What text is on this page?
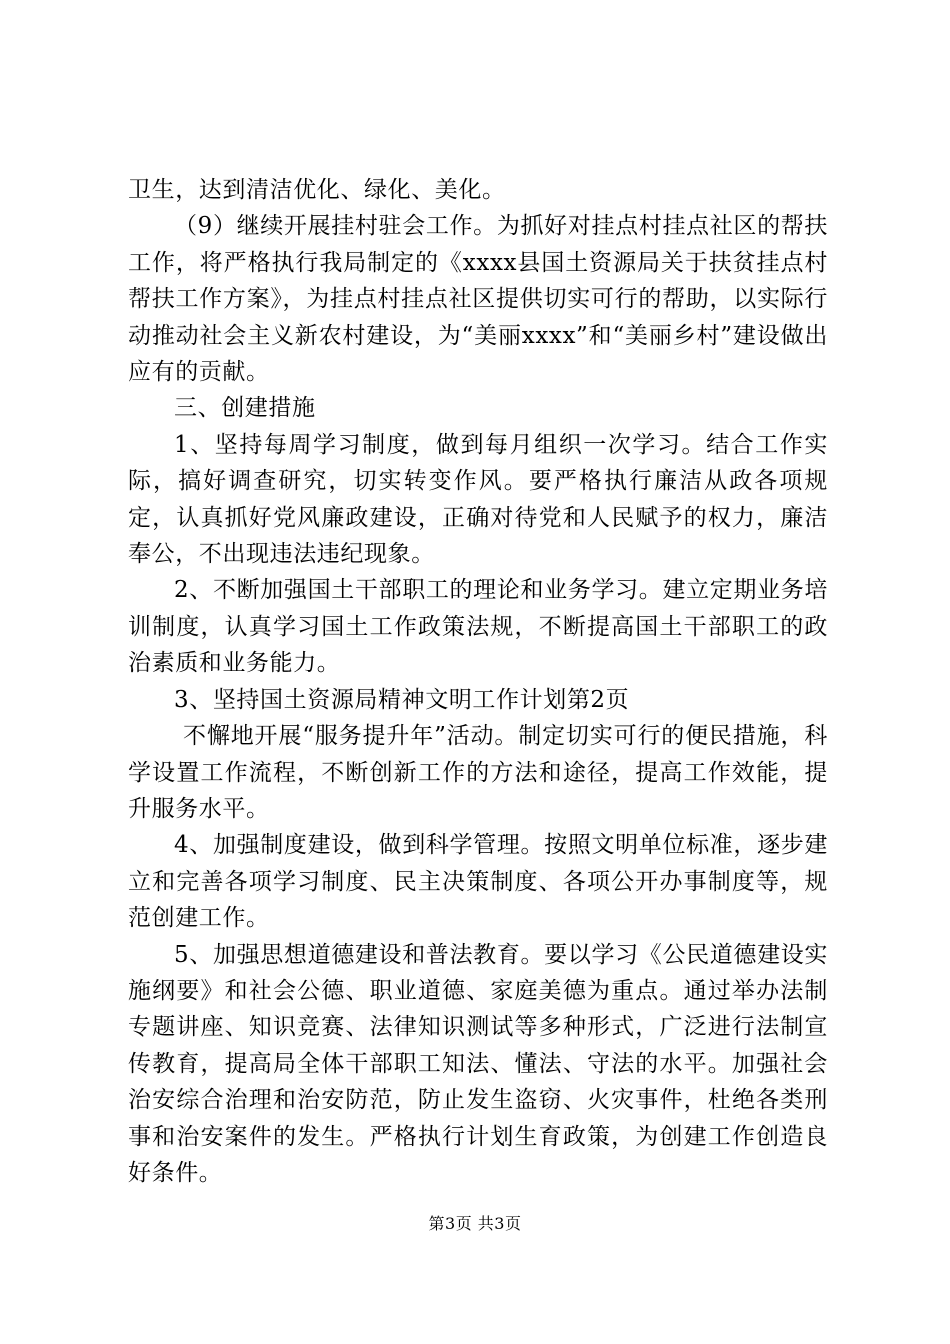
卫生，达到清洁优化、绿化、美化。

（9）继续开展挂村驻会工作。为抓好对挂点村挂点社区的帮扶工作，将严格执行我局制定的《xxxx县国土资源局关于扶贫挂点村帮扶工作方案》，为挂点村挂点社区提供切实可行的帮助，以实际行动推动社会主义新农村建设，为“美丽xxxx”和“美丽乡村”建设做出应有的贡献。

三、创建措施

1、坚持每周学习制度，做到每月组织一次学习。结合工作实际，搞好调查研究，切实转变作风。要严格执行廉洁从政各项规定，认真抓好党风廉政建设，正确对待党和人民赋予的权力，廉洁奉公，不出现违法违纪现象。

2、不断加强国土干部职工的理论和业务学习。建立定期业务培训制度，认真学习国土工作政策法规，不断提高国土干部职工的政治素质和业务能力。

3、坚持国土资源局精神文明工作计划第2页

不懈地开展“服务提升年”活动。制定切实可行的便民措施，科学设置工作流程，不断创新工作的方法和途径，提高工作效能，提升服务水平。

4、加强制度建设，做到科学管理。按照文明单位标准，逐步建立和完善各项学习制度、民主决策制度、各项公开办事制度等，规范创建工作。

5、加强思想道德建设和普法教育。要以学习《公民道德建设实施纲要》和社会公德、职业道德、家庭美德为重点。通过举办法制专题讲座、知识竞赛、法律知识测试等多种形式，广泛进行法制宣传教育，提高局全体干部职工知法、懂法、守法的水平。加强社会治安综合治理和治安防范，防止发生盗窃、火灾事件，杜绝各类刑事和治安案件的发生。严格执行计划生育政策，为创建工作创造良好条件。

第3页 共3页
